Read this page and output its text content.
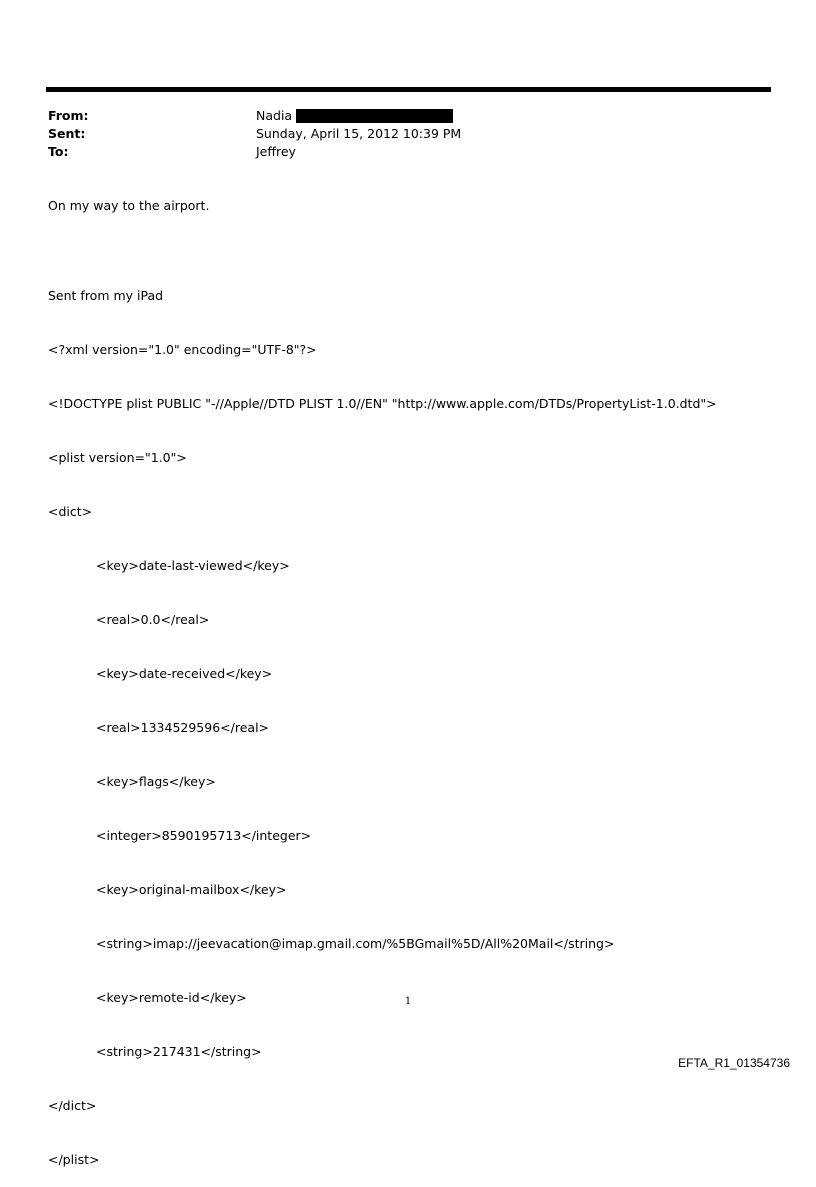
From:	Nadia
Sent:	Sunday, April 15, 2012 10:39 PM
To:	Jeffrey
On my way to the airport.

Sent from my iPad

<?xml version="1.0" encoding="UTF-8"?>

<!DOCTYPE plist PUBLIC "-//Apple//DTD PLIST 1.0//EN" "http://www.apple.com/DTDs/PropertyList-1.0.dtd">

<plist version="1.0">

<dict>

<key>date-last-viewed</key>

<real>0.0</real>

<key>date-received</key>

<real>1334529596</real>

<key>flags</key>

<integer>8590195713</integer>

<key>original-mailbox</key>

<string>imap://jeevacation@imap.gmail.com/%5BGmail%5D/All%20Mail</string>

<key>remote-id</key>

<string>217431</string>

</dict>

</plist>

1
EFTA_R1_01354736
